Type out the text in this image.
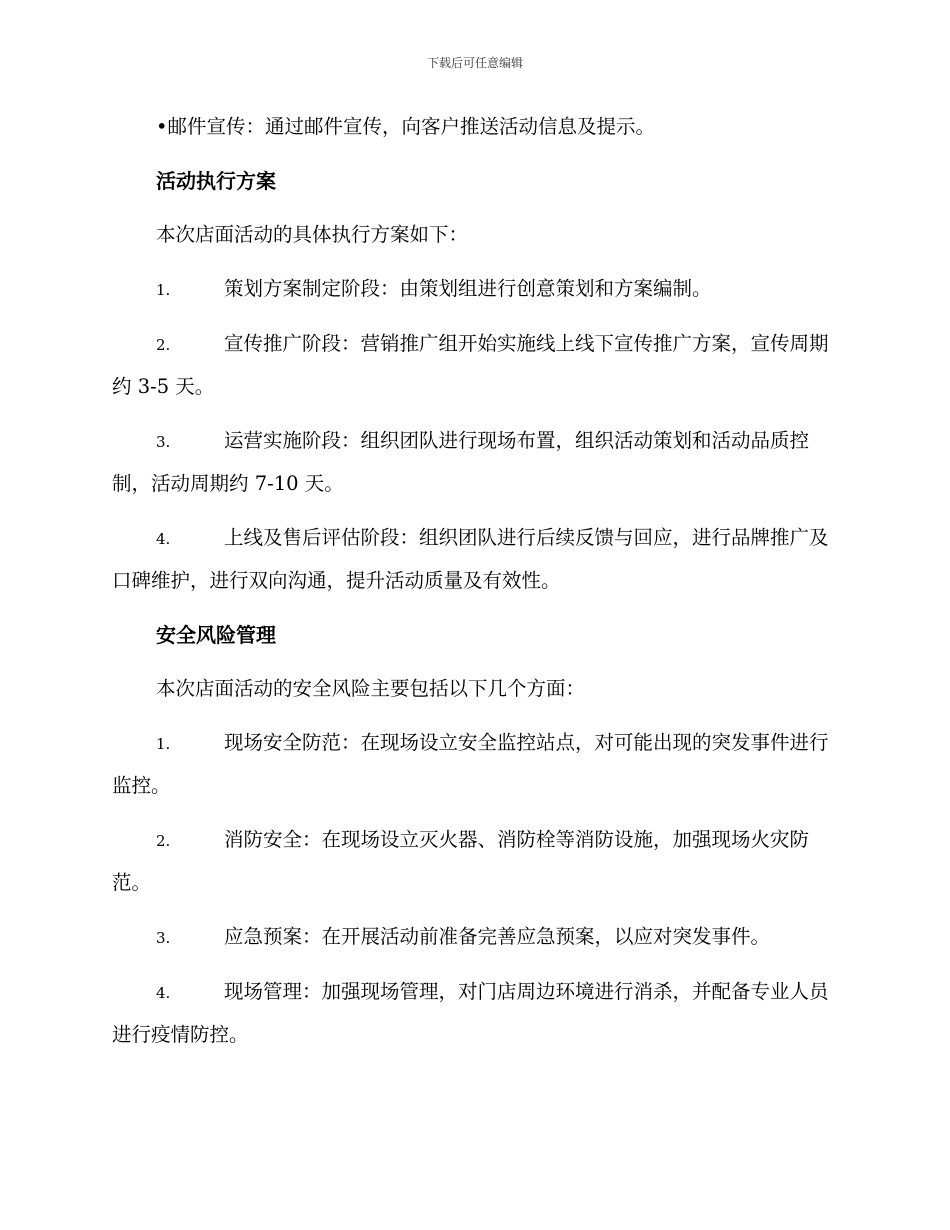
下载后可任意编辑

•邮件宣传：通过邮件宣传，向客户推送活动信息及提示。

活动执行方案

本次店面活动的具体执行方案如下：

1.	策划方案制定阶段：由策划组进行创意策划和方案编制。

2.	宣传推广阶段：营销推广组开始实施线上线下宣传推广方案，宣传周期约 3-5 天。

3.	运营实施阶段：组织团队进行现场布置，组织活动策划和活动品质控制，活动周期约 7-10 天。

4.	上线及售后评估阶段：组织团队进行后续反馈与回应，进行品牌推广及口碑维护，进行双向沟通，提升活动质量及有效性。

安全风险管理

本次店面活动的安全风险主要包括以下几个方面：

1.	现场安全防范：在现场设立安全监控站点，对可能出现的突发事件进行监控。

2.	消防安全：在现场设立灭火器、消防栓等消防设施，加强现场火灾防范。

3.	应急预案：在开展活动前准备完善应急预案，以应对突发事件。

4.	现场管理：加强现场管理，对门店周边环境进行消杀，并配备专业人员进行疫情防控。
